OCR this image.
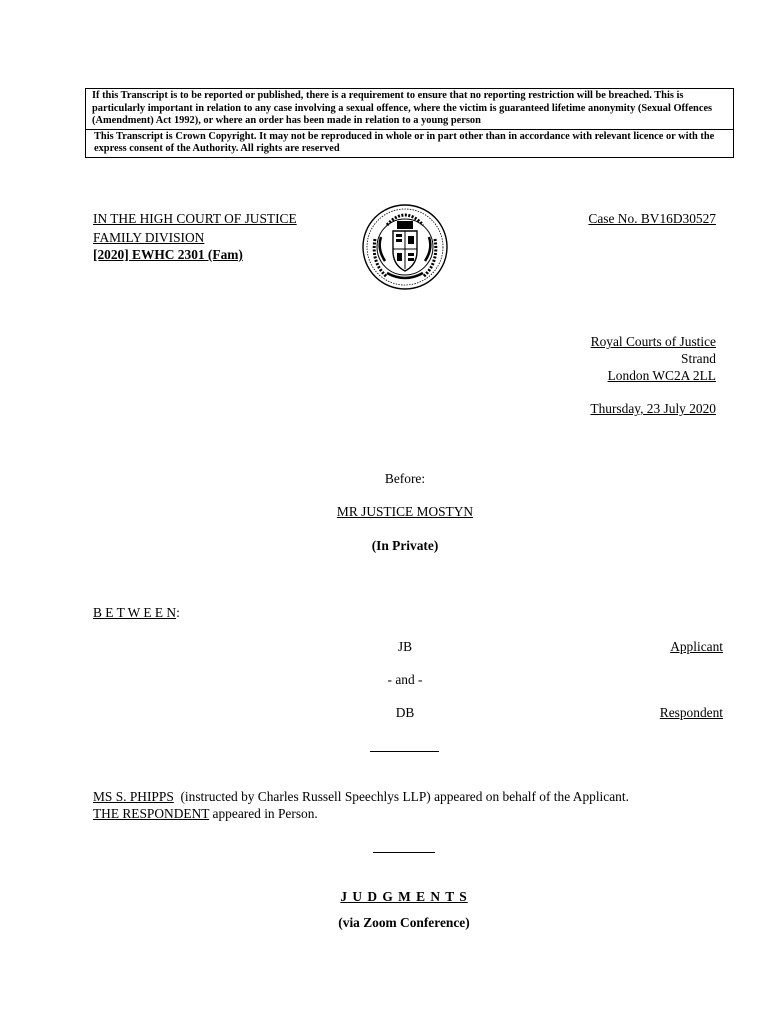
If this Transcript is to be reported or published, there is a requirement to ensure that no reporting restriction will be breached. This is particularly important in relation to any case involving a sexual offence, where the victim is guaranteed lifetime anonymity (Sexual Offences (Amendment) Act 1992), or where an order has been made in relation to a young person
This Transcript is Crown Copyright. It may not be reproduced in whole or in part other than in accordance with relevant licence or with the express consent of the Authority. All rights are reserved
IN THE HIGH COURT OF JUSTICE
FAMILY DIVISION
[2020] EWHC 2301 (Fam)
Case No. BV16D30527
Royal Courts of Justice
Strand
London WC2A 2LL
Thursday, 23 July 2020
Before:
MR JUSTICE MOSTYN
(In Private)
B E T W E E N:
JB	Applicant
- and -
DB	Respondent
MS S. PHIPPS  (instructed by Charles Russell Speechlys LLP) appeared on behalf of the Applicant.
THE RESPONDENT appeared in Person.
J U D G M E N T S
(via Zoom Conference)
